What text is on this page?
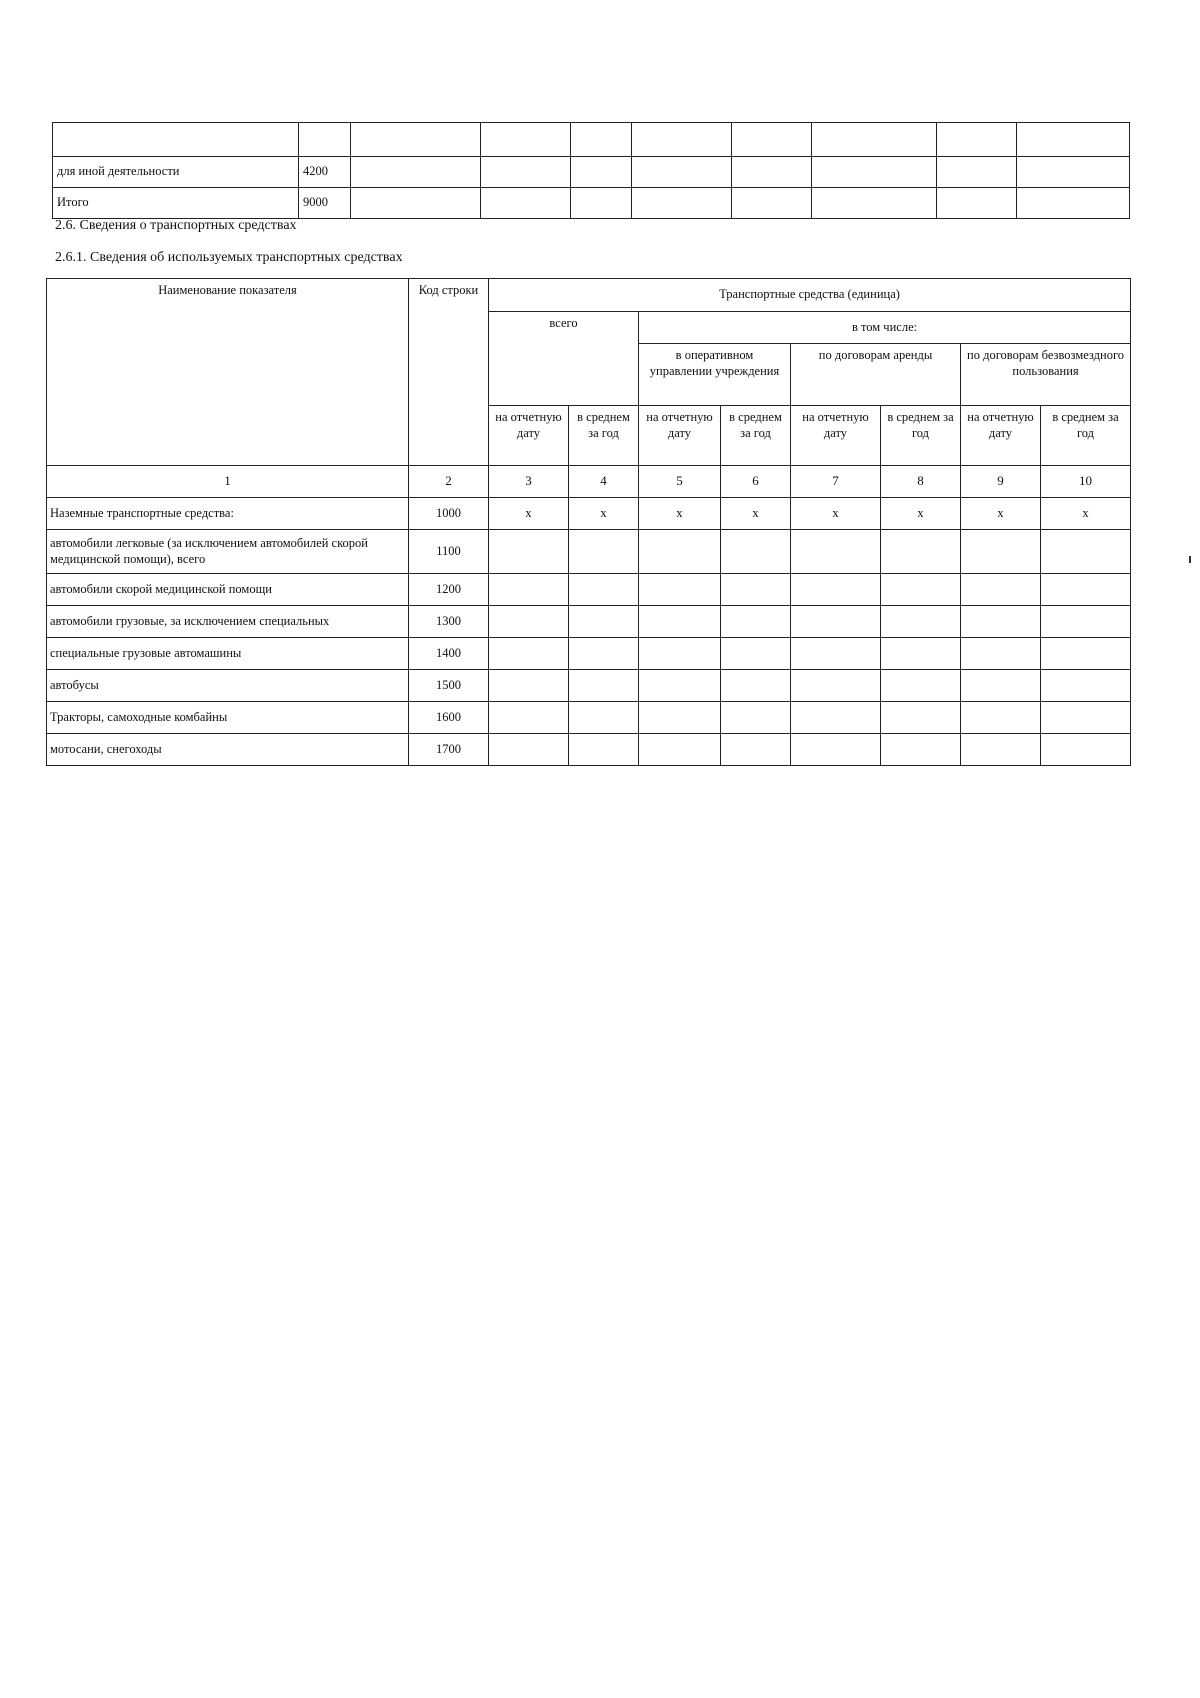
для иной деятельности	4200								
Итого	9000								
2.6. Сведения о транспортных средствах
2.6.1. Сведения об используемых транспортных средствах
Наименование показателя	Код строки	Транспортные средства (единица)							
		всего		в том числе:					
				в оперативном управлении учреждения		по договорам аренды		по договорам безвозмездного пользования	
		на отчетную дату	в среднем за год	на отчетную дату	в среднем за год	на отчетную дату	в среднем за год	на отчетную дату	в среднем за год
1	2	3	4	5	6	7	8	9	10
Наземные транспортные средства:	1000	x	x	x	x	x	x	x	x
автомобили легковые (за исключением автомобилей скорой медицинской помощи), всего	1100								
автомобили скорой медицинской помощи	1200								
автомобили грузовые, за исключением специальных	1300								
специальные грузовые автомашины	1400								
автобусы	1500								
Тракторы, самоходные комбайны	1600								
мотосани, снегоходы	1700								
